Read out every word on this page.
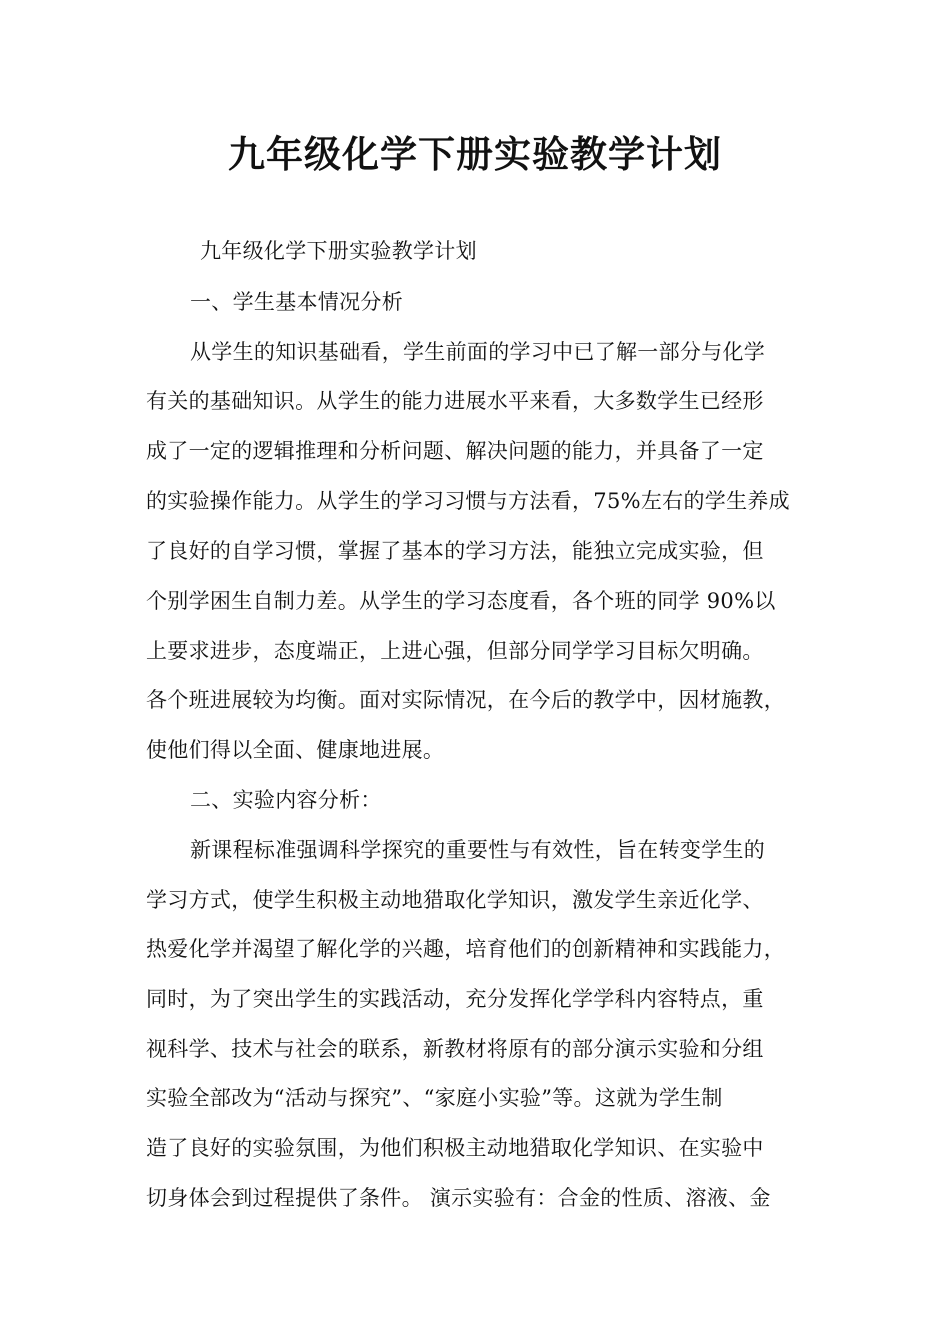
九年级化学下册实验教学计划
九年级化学下册实验教学计划
一、学生基本情况分析
从学生的知识基础看，学生前面的学习中已了解一部分与化学
有关的基础知识。从学生的能力进展水平来看，大多数学生已经形
成了一定的逻辑推理和分析问题、解决问题的能力，并具备了一定
的实验操作能力。从学生的学习习惯与方法看，75%左右的学生养成
了良好的自学习惯，掌握了基本的学习方法，能独立完成实验，但
个别学困生自制力差。从学生的学习态度看，各个班的同学 90%以
上要求进步，态度端正，上进心强，但部分同学学习目标欠明确。
各个班进展较为均衡。面对实际情况，在今后的教学中，因材施教，
使他们得以全面、健康地进展。
二、实验内容分析：
新课程标准强调科学探究的重要性与有效性，旨在转变学生的
学习方式，使学生积极主动地猎取化学知识，激发学生亲近化学、
热爱化学并渴望了解化学的兴趣，培育他们的创新精神和实践能力，
同时，为了突出学生的实践活动，充分发挥化学学科内容特点，重
视科学、技术与社会的联系，新教材将原有的部分演示实验和分组
实验全部改为“活动与探究”、“家庭小实验”等。这就为学生制
造了良好的实验氛围，为他们积极主动地猎取化学知识、在实验中
切身体会到过程提供了条件。 演示实验有：合金的性质、溶液、金
